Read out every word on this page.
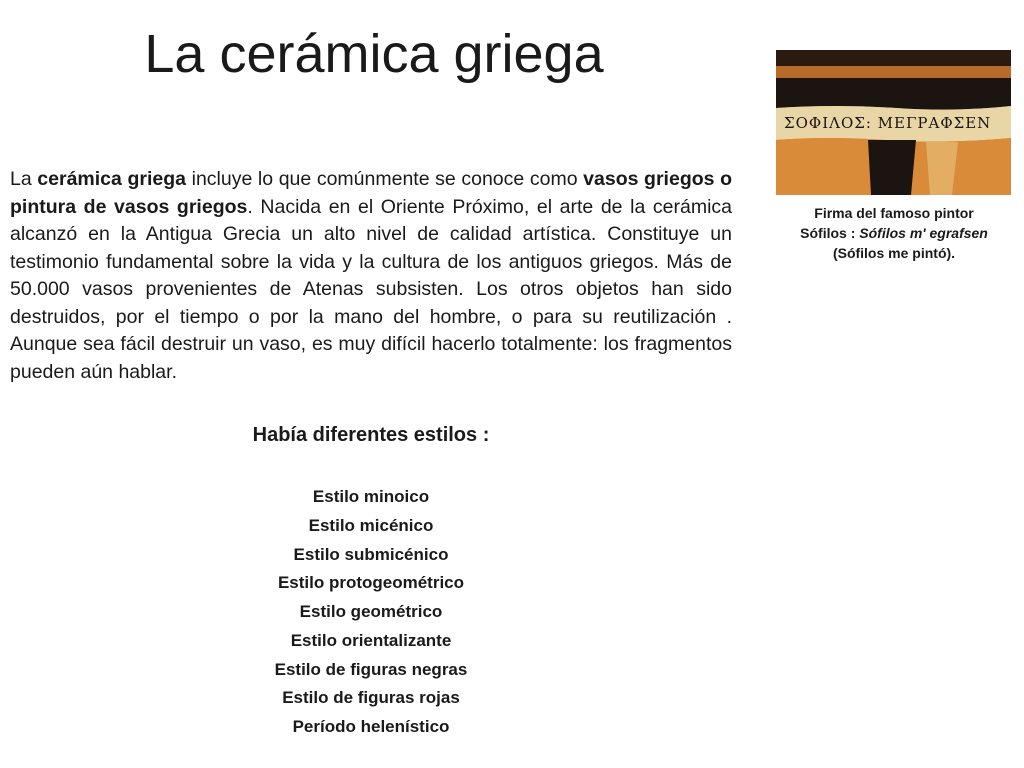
La cerámica griega

La cerámica griega incluye lo que comúnmente se conoce como vasos griegos o pintura de vasos griegos. Nacida en el Oriente Próximo, el arte de la cerámica alcanzó en la Antigua Grecia un alto nivel de calidad artística. Constituye un testimonio fundamental sobre la vida y la cultura de los antiguos griegos. Más de 50.000 vasos provenientes de Atenas subsisten. Los otros objetos han sido destruidos, por el tiempo o por la mano del hombre, o para su reutilización . Aunque sea fácil destruir un vaso, es muy difícil hacerlo totalmente: los fragmentos pueden aún hablar.

Había diferentes estilos :

Estilo minoico
Estilo micénico
Estilo submicénico
Estilo protogeométrico
Estilo geométrico
Estilo orientalizante
Estilo de figuras negras
Estilo de figuras rojas
Período helenístico
ΣΟΦΙΛΟΣ: ΜΕΓΡΑΦΣΕΝ

Firma del famoso pintor
Sófilos : Sófilos m' egrafsen
(Sófilos me pintó).
